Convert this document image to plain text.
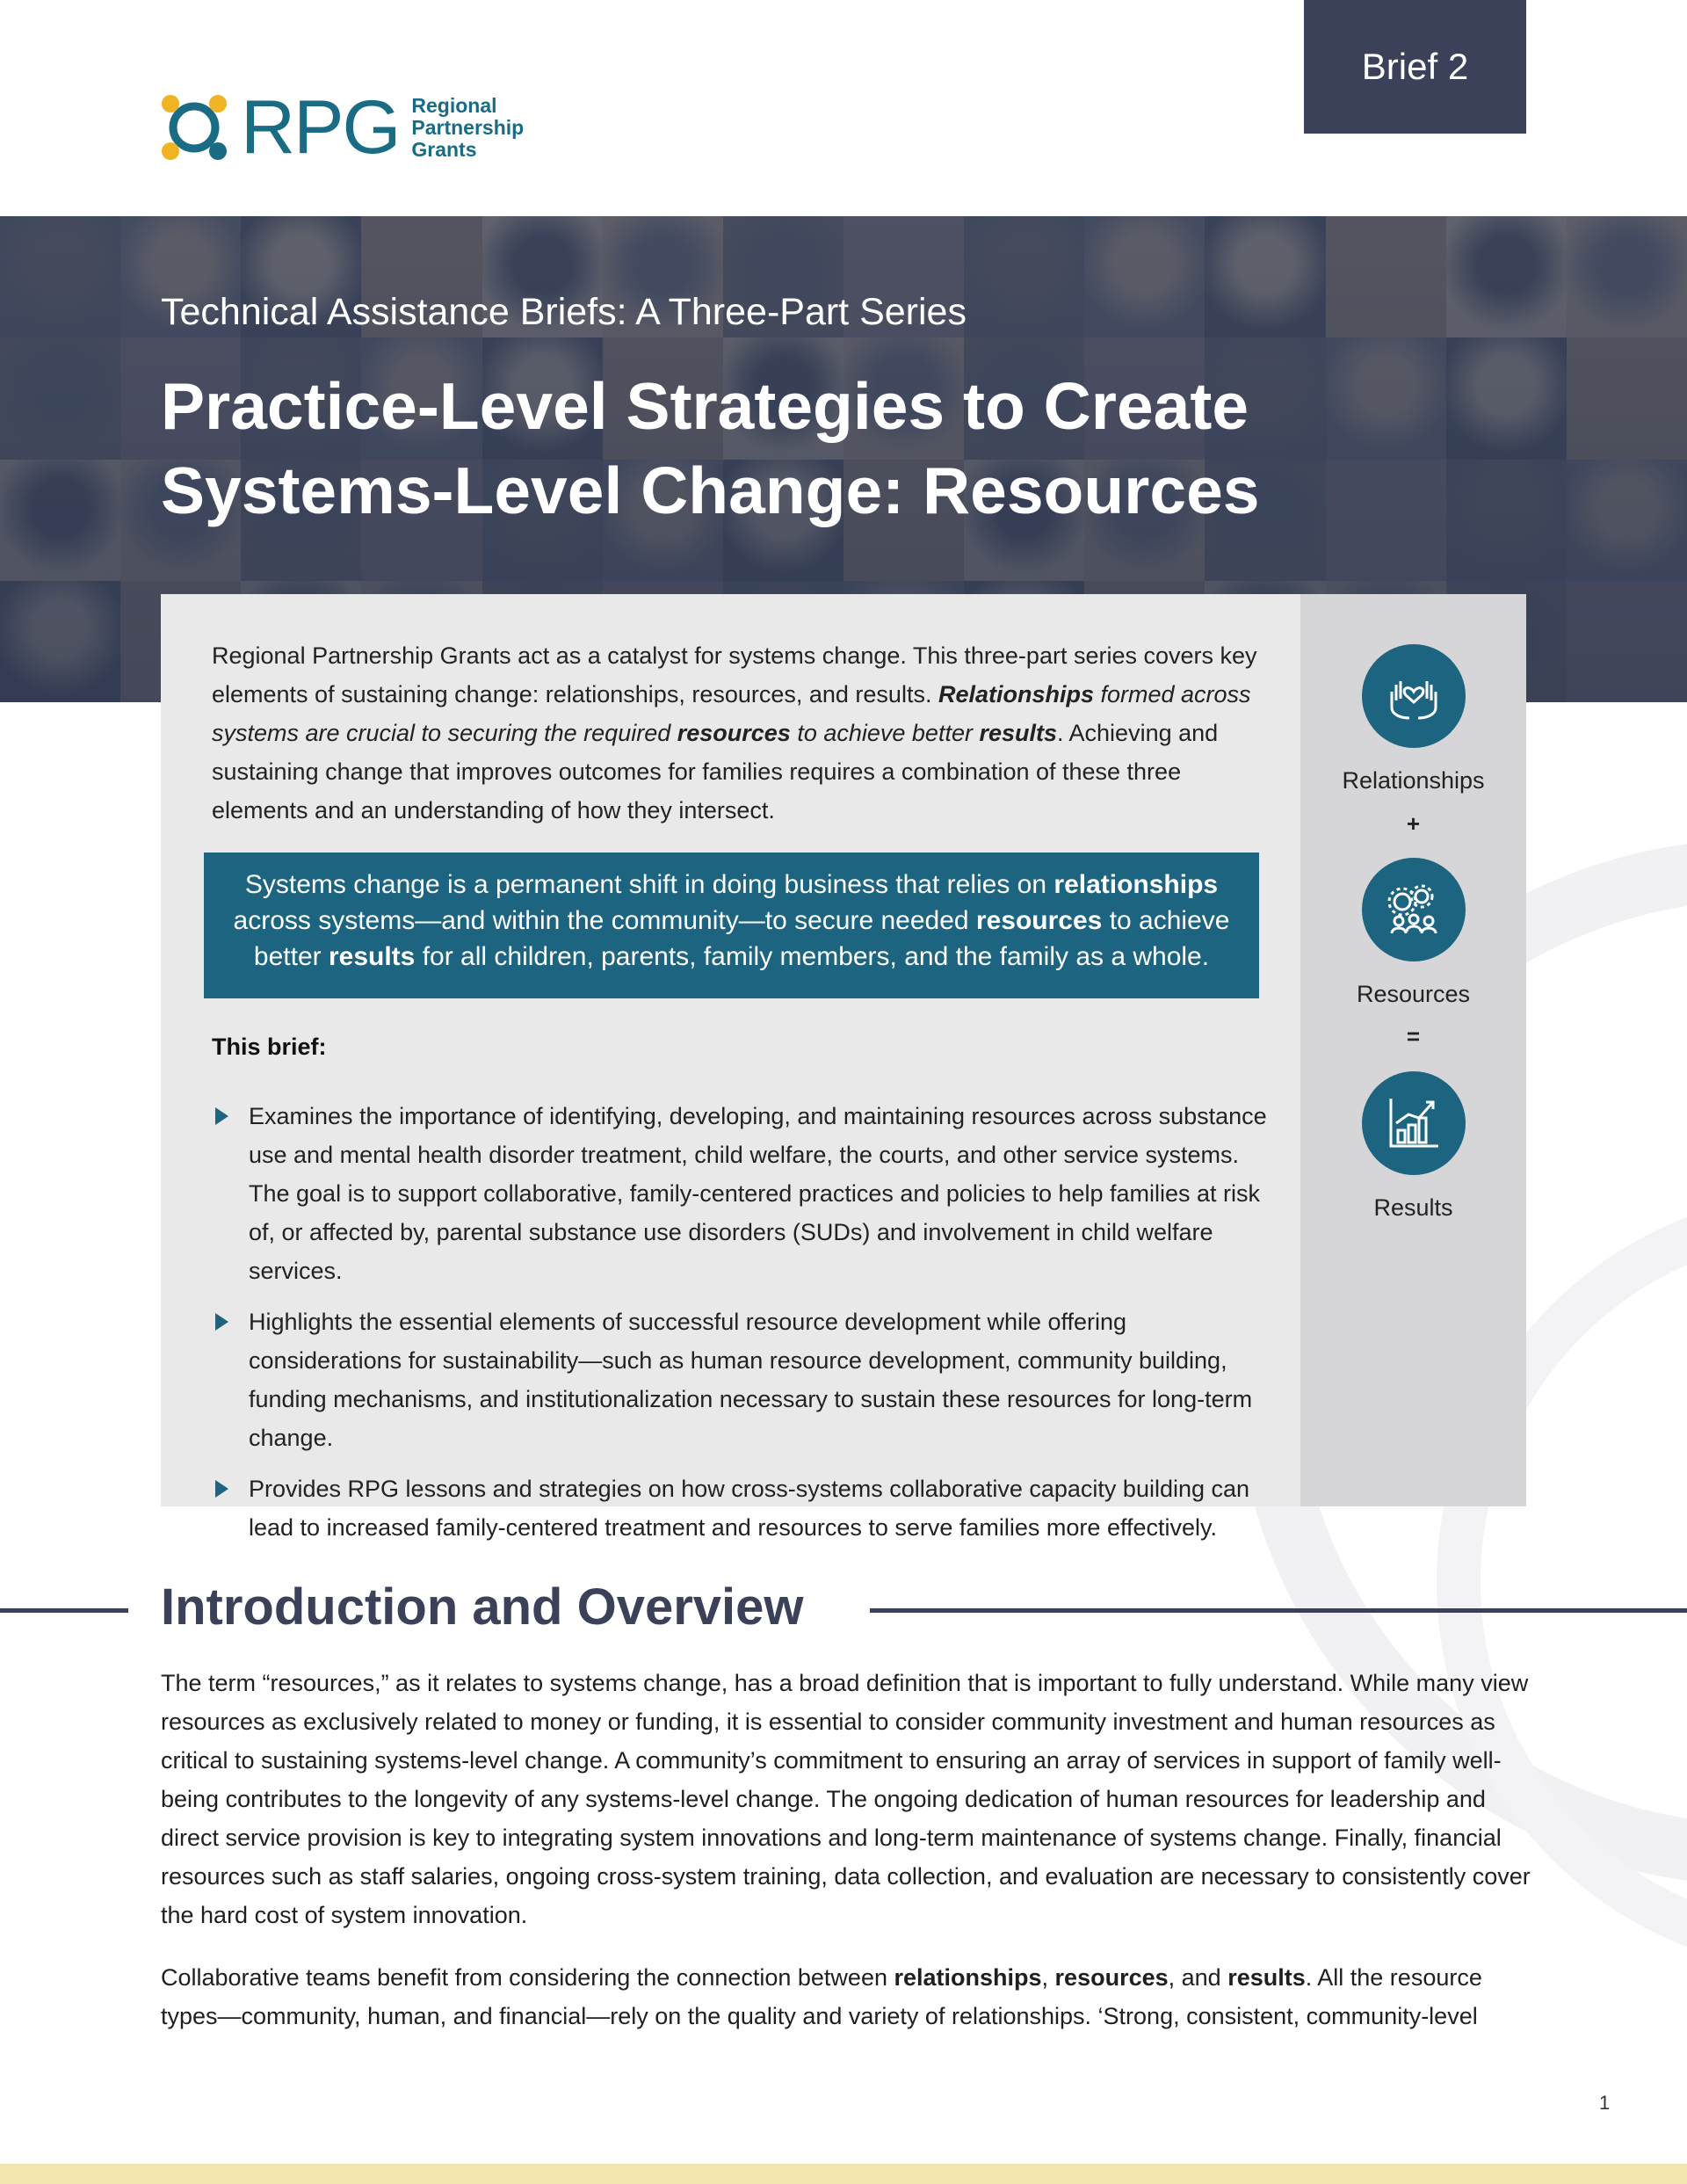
RPG Regional
Partnership
Grants
Brief 2
Technical Assistance Briefs: A Three-Part Series
Practice-Level Strategies to Create
Systems-Level Change: Resources

Regional Partnership Grants act as a catalyst for systems change. This three-part series covers key elements of sustaining change: relationships, resources, and results. Relationships formed across systems are crucial to securing the required resources to achieve better results. Achieving and sustaining change that improves outcomes for families requires a combination of these three elements and an understanding of how they intersect.

Systems change is a permanent shift in doing business that relies on relationships across systems—and within the community—to secure needed resources to achieve better results for all children, parents, family members, and the family as a whole.
This brief:
Examines the importance of identifying, developing, and maintaining resources across substance use and mental health disorder treatment, child welfare, the courts, and other service systems. The goal is to support collaborative, family-centered practices and policies to help families at risk of, or affected by, parental substance use disorders (SUDs) and involvement in child welfare services.
Highlights the essential elements of successful resource development while offering considerations for sustainability—such as human resource development, community building, funding mechanisms, and institutionalization necessary to sustain these resources for long-term change.
Provides RPG lessons and strategies on how cross-systems collaborative capacity building can lead to increased family-centered treatment and resources to serve families more effectively.
Relationships
+
Resources
=
Results
Introduction and Overview

The term “resources,” as it relates to systems change, has a broad definition that is important to fully understand. While many view resources as exclusively related to money or funding, it is essential to consider community investment and human resources as critical to sustaining systems-level change. A community’s commitment to ensuring an array of services in support of family well-being contributes to the longevity of any systems-level change. The ongoing dedication of human resources for leadership and direct service provision is key to integrating system innovations and long-term maintenance of systems change. Finally, financial resources such as staff salaries, ongoing cross-system training, data collection, and evaluation are necessary to consistently cover the hard cost of system innovation.

Collaborative teams benefit from considering the connection between relationships, resources, and results. All the resource types—community, human, and financial—rely on the quality and variety of relationships. ‘Strong, consistent, community-level

1
